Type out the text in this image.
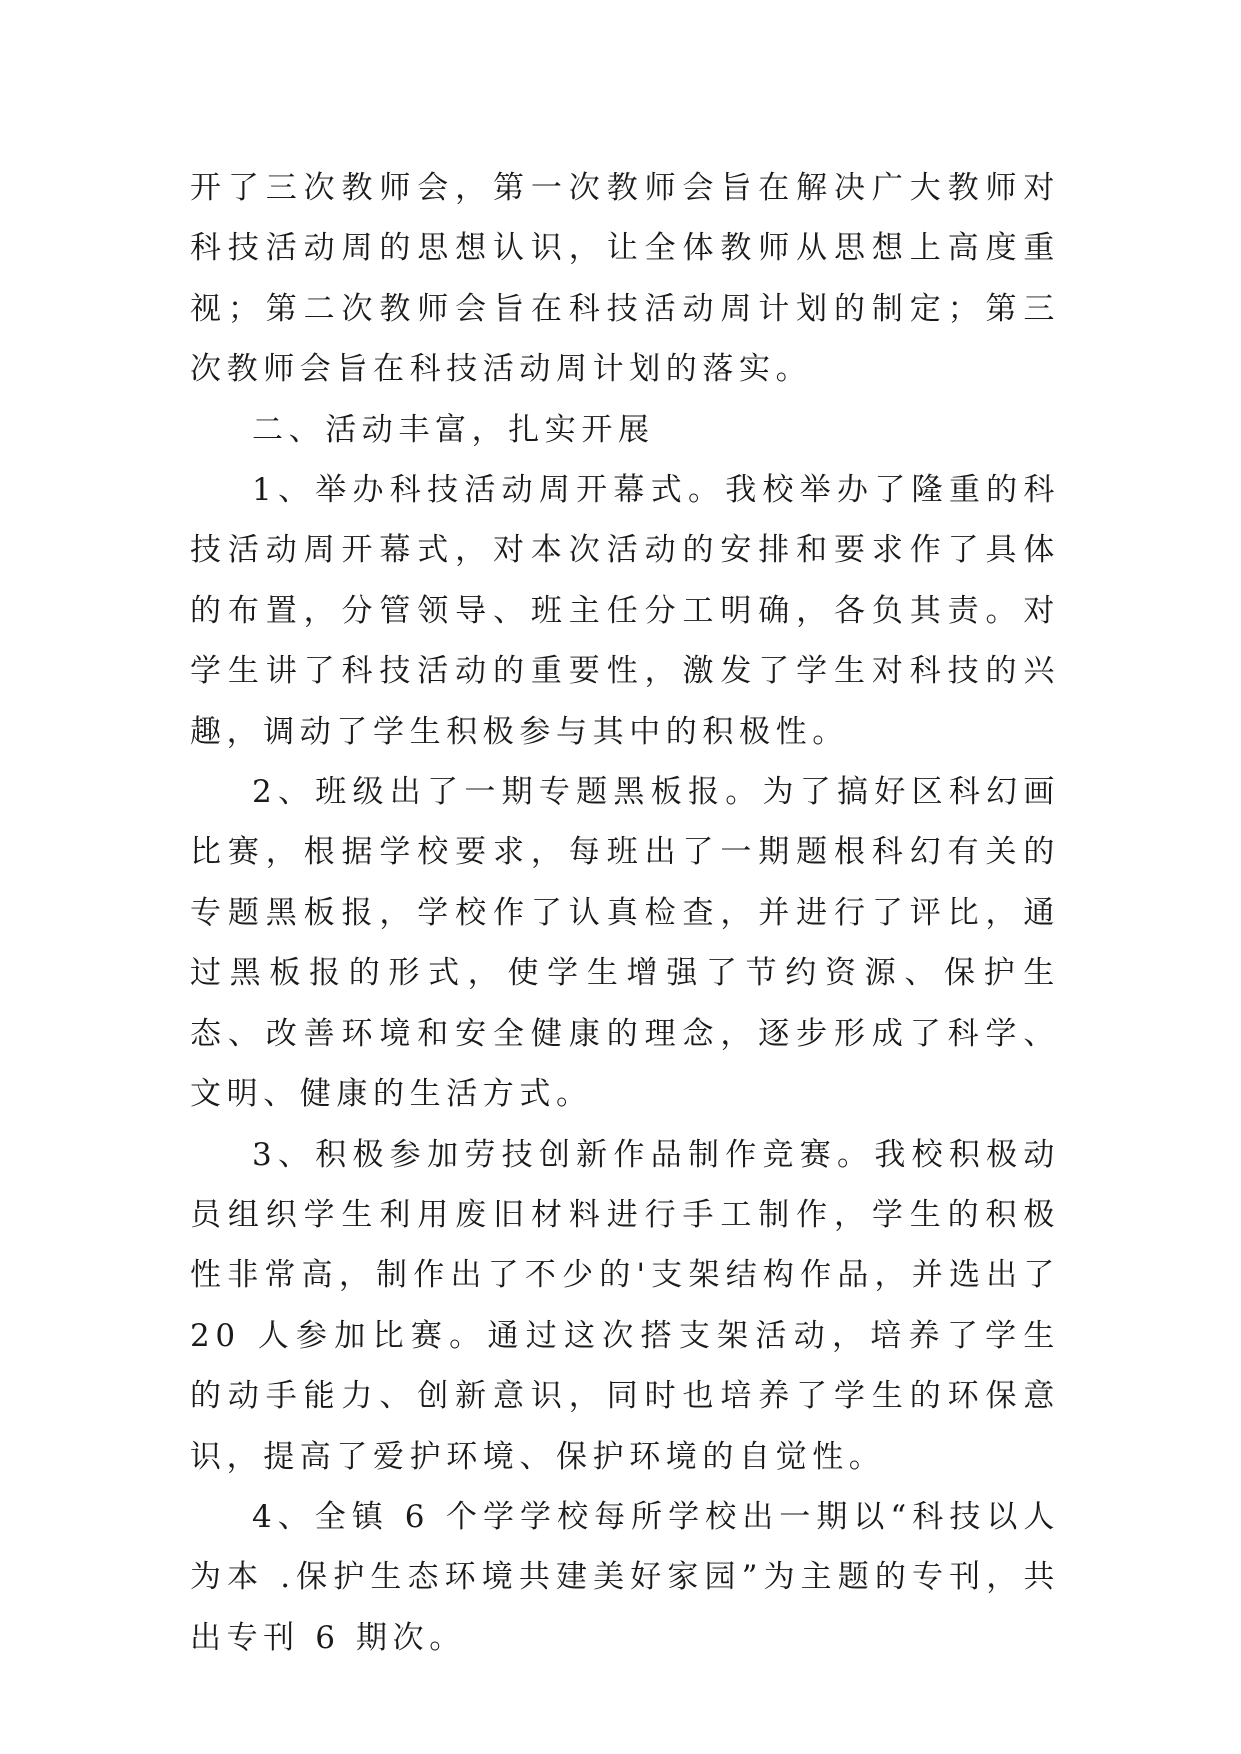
开了三次教师会，第一次教师会旨在解决广大教师对科技活动周的思想认识，让全体教师从思想上高度重视；第二次教师会旨在科技活动周计划的制定；第三次教师会旨在科技活动周计划的落实。

二、活动丰富，扎实开展

1、举办科技活动周开幕式。我校举办了隆重的科技活动周开幕式，对本次活动的安排和要求作了具体的布置，分管领导、班主任分工明确，各负其责。对学生讲了科技活动的重要性，激发了学生对科技的兴趣，调动了学生积极参与其中的积极性。

2、班级出了一期专题黑板报。为了搞好区科幻画比赛，根据学校要求，每班出了一期题根科幻有关的专题黑板报，学校作了认真检查，并进行了评比，通过黑板报的形式，使学生增强了节约资源、保护生态、改善环境和安全健康的理念，逐步形成了科学、文明、健康的生活方式。

3、积极参加劳技创新作品制作竞赛。我校积极动员组织学生利用废旧材料进行手工制作，学生的积极性非常高，制作出了不少的'支架结构作品，并选出了 20 人参加比赛。通过这次搭支架活动，培养了学生的动手能力、创新意识，同时也培养了学生的环保意识，提高了爱护环境、保护环境的自觉性。

4、全镇 6 个学学校每所学校出一期以“科技以人为本 .保护生态环境共建美好家园”为主题的专刊，共出专刊 6 期次。
